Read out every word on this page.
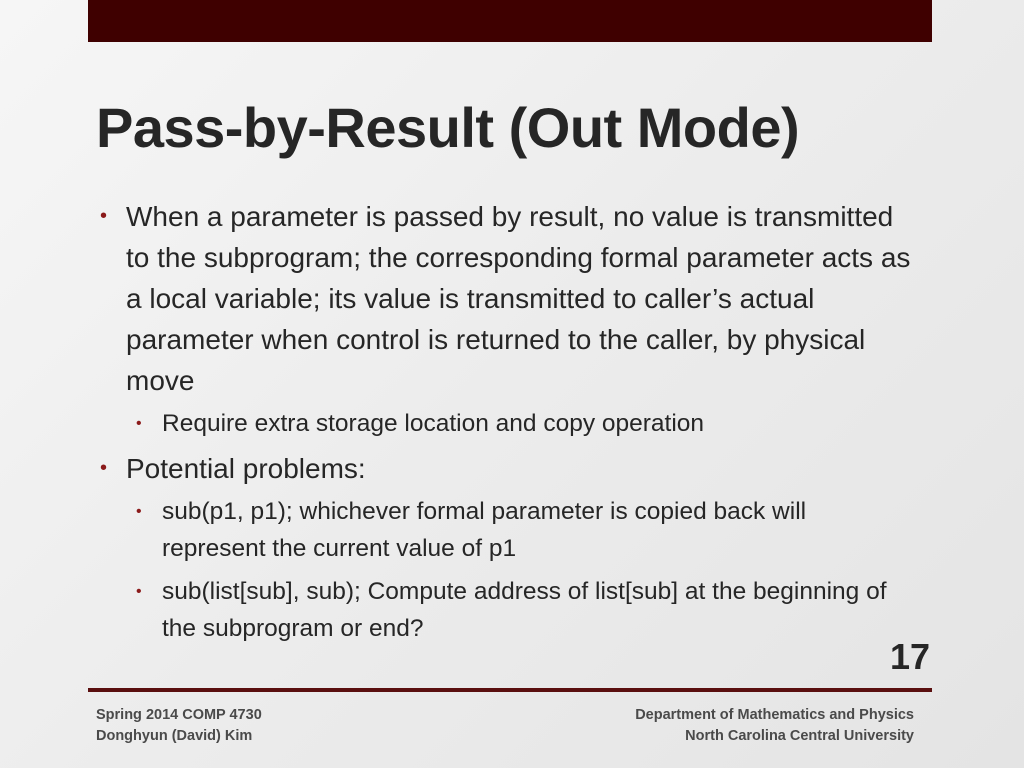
Pass-by-Result (Out Mode)
• When a parameter is passed by result, no value is transmitted to the subprogram; the corresponding formal parameter acts as a local variable; its value is transmitted to caller’s actual parameter when control is returned to the caller, by physical move
• Require extra storage location and copy operation
• Potential problems:
• sub(p1, p1); whichever formal parameter is copied back will represent the current value of p1
• sub(list[sub], sub); Compute address of list[sub] at the beginning of the subprogram or end?
17
Spring 2014 COMP 4730
Donghyun (David) Kim
Department of Mathematics and Physics
North Carolina Central University
